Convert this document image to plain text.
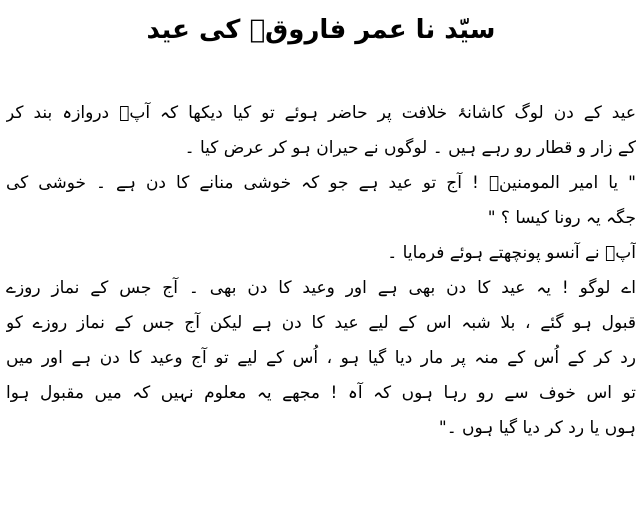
سیّد نا عمر فاروقؓ کی عید
عید کے دن لوگ کاشانۂ خلافت پر حاضر ہوئے تو کیا دیکھا کہ آپؓ دروازہ بند کر
کے زار و قطار رو رہے ہیں ۔ لوگوں نے حیران ہو کر عرض کیا ۔
" یا امیر المومنینؓ ! آج تو عید ہے جو کہ خوشی منانے کا دن ہے ۔ خوشی کی
جگہ یہ رونا کیسا ؟ "
آپؓ نے آنسو پونچھتے ہوئے فرمایا ۔
اے لوگو ! یہ عید کا دن بھی ہے اور وعید کا دن بھی ۔ آج جس کے نماز روزے
قبول ہو گئے ، بلا شبہ اس کے لیے عید کا دن ہے لیکن آج جس کے نماز روزے کو
رد کر کے اُس کے منہ پر مار دیا گیا ہو ، اُس کے لیے تو آج وعید کا دن ہے اور میں
تو اس خوف سے رو رہا ہوں کہ آہ ! مجھے یہ معلوم نہیں کہ میں مقبول ہوا
ہوں یا رد کر دیا گیا ہوں ۔"
